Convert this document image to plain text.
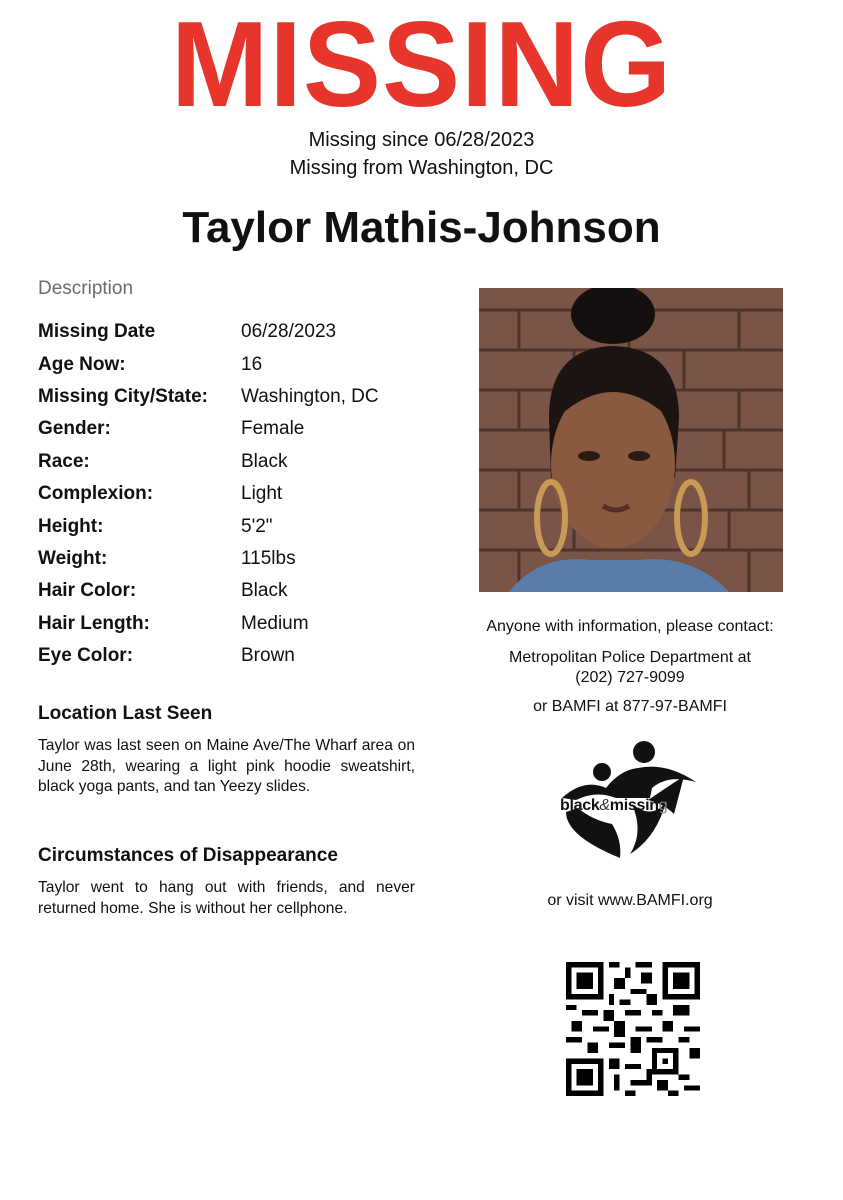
MISSING
Missing since 06/28/2023
Missing from Washington, DC
Taylor Mathis-Johnson
Description
Missing Date	06/28/2023
Age Now:	16
Missing City/State:	Washington, DC
Gender:	Female
Race:	Black
Complexion:	Light
Height:	5'2"
Weight:	115lbs
Hair Color:	Black
Hair Length:	Medium
Eye Color:	Brown
Location Last Seen
Taylor was last seen on Maine Ave/The Wharf area on June 28th, wearing a light pink hoodie sweatshirt, black yoga pants, and tan Yeezy slides.
Circumstances of Disappearance
Taylor went to hang out with friends, and never returned home. She is without her cellphone.
Anyone with information, please contact:
Metropolitan Police Department at
(202) 727-9099
or BAMFI at 877-97-BAMFI
black&missing
or visit www.BAMFI.org
